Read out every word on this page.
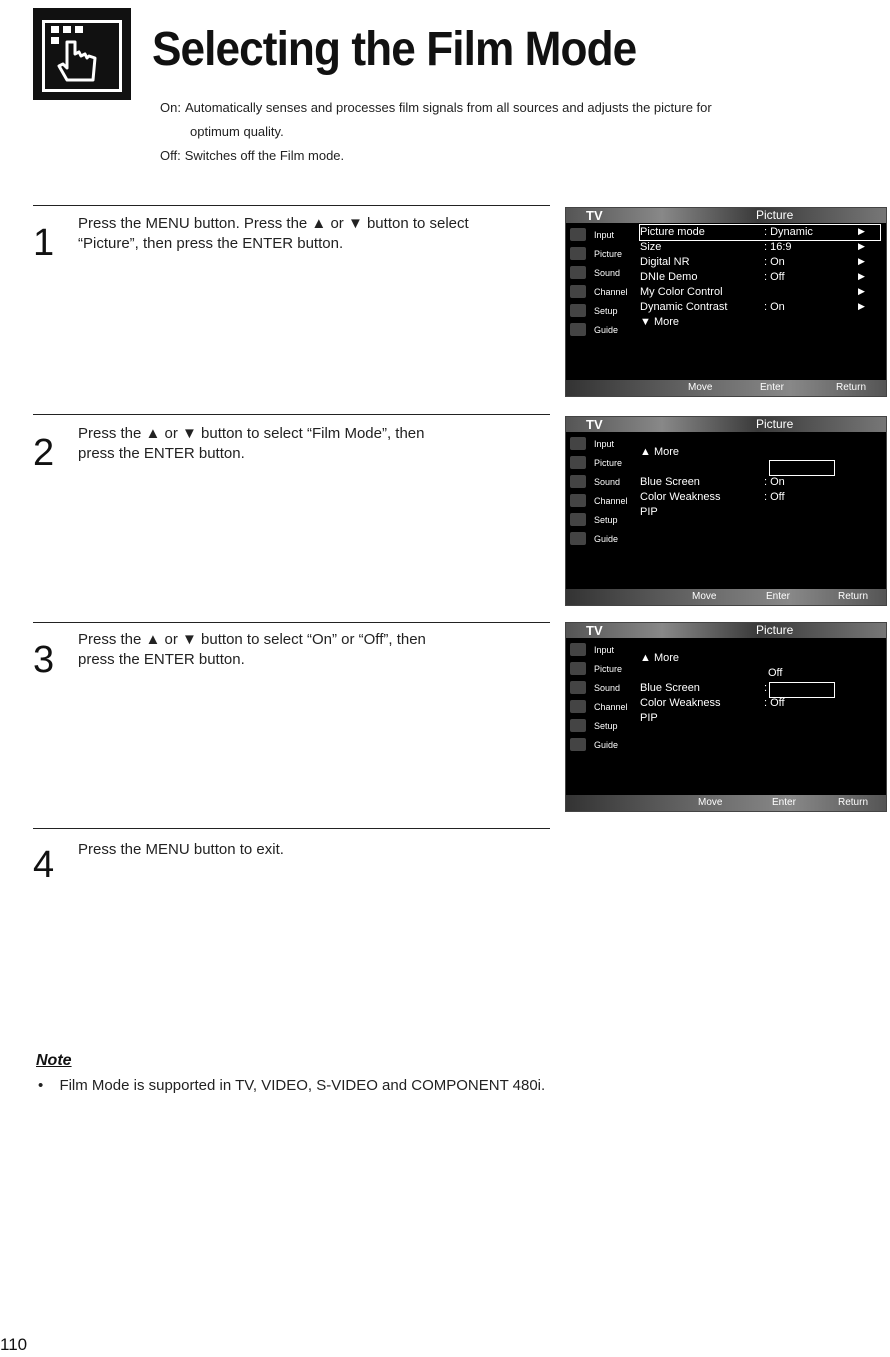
Selecting the Film Mode
On: Automatically senses and processes film signals from all sources and adjusts the picture for
optimum quality.
Off: Switches off the Film mode.
1 Press the MENU button. Press the ▲ or ▼ button to select
“Picture”, then press the ENTER button.
2 Press the ▲ or ▼ button to select “Film Mode”, then
press the ENTER button.
3 Press the ▲ or ▼ button to select “On” or “Off”, then
press the ENTER button.
4 Press the MENU button to exit.
TV	Picture
Input
Picture
Sound
Channel
Setup
Guide
Picture mode	: Dynamic	▶
Size	: 16:9	▶
Digital NR	: On	▶
DNIe Demo	: Off	▶
My Color Control	▶
Dynamic Contrast	: On	▶
▼ More
Move	Enter	Return
TV	Picture
Input
Picture
Sound
Channel
Setup
Guide
▲ More
Blue Screen	: On
Color Weakness	: Off
PIP
Move	Enter	Return
TV	Picture
Input
Picture
Sound
Channel
Setup
Guide
▲ More
Off
Blue Screen	:
Color Weakness	: Off
PIP
Move	Enter	Return
Note
• Film Mode is supported in TV, VIDEO, S-VIDEO and COMPONENT 480i.
110
